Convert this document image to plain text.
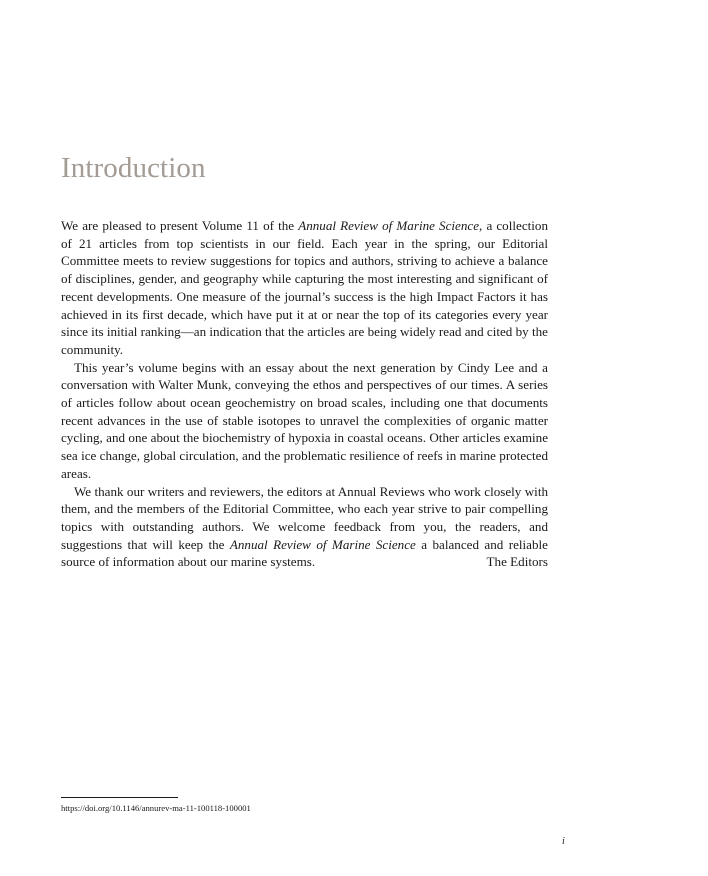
Introduction

We are pleased to present Volume 11 of the Annual Review of Marine Science, a collection of 21 articles from top scientists in our field. Each year in the spring, our Editorial Committee meets to review suggestions for topics and authors, striving to achieve a balance of disciplines, gender, and geography while capturing the most interesting and significant of recent developments. One measure of the journal’s success is the high Impact Factors it has achieved in its first decade, which have put it at or near the top of its categories every year since its initial ranking—an indication that the articles are being widely read and cited by the community.

This year’s volume begins with an essay about the next generation by Cindy Lee and a conversation with Walter Munk, conveying the ethos and perspectives of our times. A series of articles follow about ocean geochemistry on broad scales, including one that documents recent advances in the use of stable isotopes to unravel the complexities of organic matter cycling, and one about the biochemistry of hypoxia in coastal oceans. Other articles examine sea ice change, global circulation, and the problematic resilience of reefs in marine protected areas.

We thank our writers and reviewers, the editors at Annual Reviews who work closely with them, and the members of the Editorial Committee, who each year strive to pair compelling topics with outstanding authors. We welcome feedback from you, the readers, and suggestions that will keep the Annual Review of Marine Science a balanced and reliable source of information about our marine systems.	The Editors
https://doi.org/10.1146/annurev-ma-11-100118-100001
i
